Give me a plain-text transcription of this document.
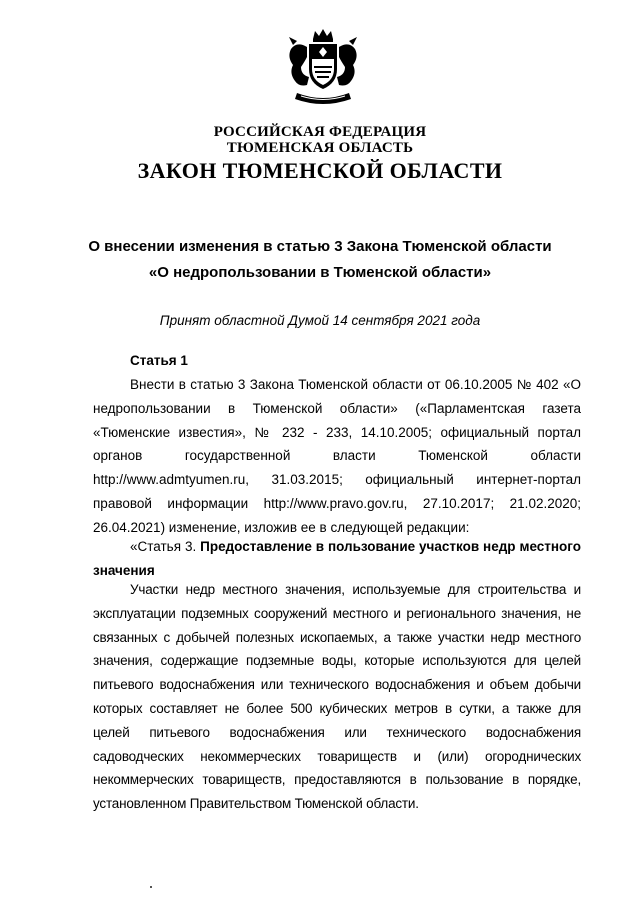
РОССИЙСКАЯ ФЕДЕРАЦИЯ
ТЮМЕНСКАЯ ОБЛАСТЬ
ЗАКОН ТЮМЕНСКОЙ ОБЛАСТИ
О внесении изменения в статью 3 Закона Тюменской области
«О недропользовании в Тюменской области»
Принят областной Думой 14 сентября 2021 года
Статья 1

Внести в статью 3 Закона Тюменской области от 06.10.2005 № 402 «О недропользовании в Тюменской области» («Парламентская газета «Тюменские известия», № 232 - 233, 14.10.2005; официальный портал органов государственной власти Тюменской области http://www.admtyumen.ru, 31.03.2015; официальный интернет-портал правовой информации http://www.pravo.gov.ru, 27.10.2017; 21.02.2020; 26.04.2021) изменение, изложив ее в следующей редакции:

«Статья 3. Предоставление в пользование участков недр местного значения

Участки недр местного значения, используемые для строительства и эксплуатации подземных сооружений местного и регионального значения, не связанных с добычей полезных ископаемых, а также участки недр местного значения, содержащие подземные воды, которые используются для целей питьевого водоснабжения или технического водоснабжения и объем добычи которых составляет не более 500 кубических метров в сутки, а также для целей питьевого водоснабжения или технического водоснабжения садоводческих некоммерческих товариществ и (или) огороднических некоммерческих товариществ, предоставляются в пользование в порядке, установленном Правительством Тюменской области.
